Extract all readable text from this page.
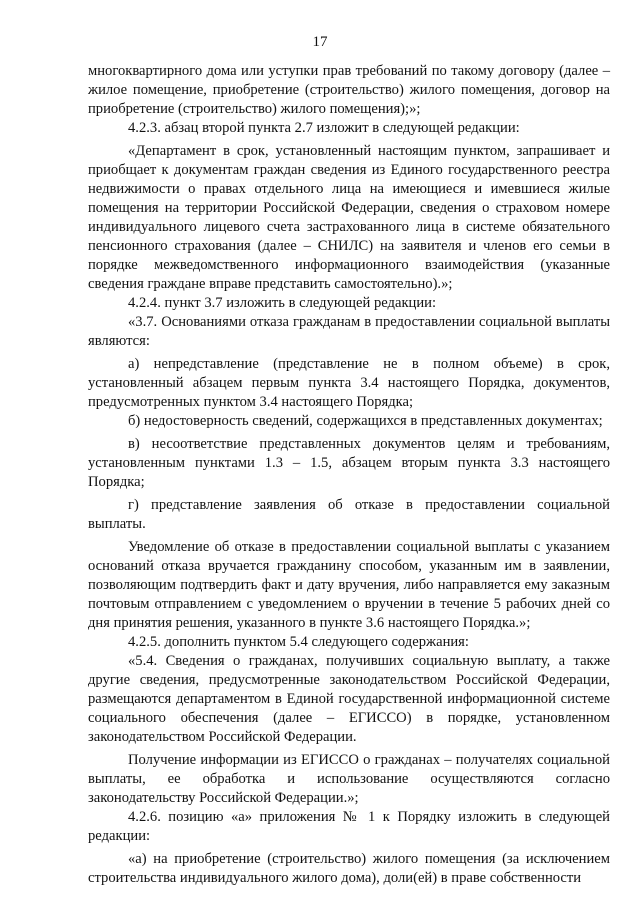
17

многоквартирного дома или уступки прав требований по такому договору (далее – жилое помещение, приобретение (строительство) жилого помещения, договор на приобретение (строительство) жилого помещения);»;

4.2.3. абзац второй пункта 2.7 изложит в следующей редакции:

«Департамент в срок, установленный настоящим пунктом, запрашивает и приобщает к документам граждан сведения из Единого государственного реестра недвижимости о правах отдельного лица на имеющиеся и имевшиеся жилые помещения на территории Российской Федерации, сведения о страховом номере индивидуального лицевого счета застрахованного лица в системе обязательного пенсионного страхования (далее – СНИЛС) на заявителя и членов его семьи в порядке межведомственного информационного взаимодействия (указанные сведения граждане вправе представить самостоятельно).»;

4.2.4. пункт 3.7 изложить в следующей редакции:

«3.7. Основаниями отказа гражданам в предоставлении социальной выплаты являются:

а) непредставление (представление не в полном объеме) в срок, установленный абзацем первым пункта 3.4 настоящего Порядка, документов, предусмотренных пунктом 3.4 настоящего Порядка;

б) недостоверность сведений, содержащихся в представленных документах;

в) несоответствие представленных документов целям и требованиям, установленным пунктами 1.3 – 1.5, абзацем вторым пункта 3.3 настоящего Порядка;

г) представление заявления об отказе в предоставлении социальной выплаты.

Уведомление об отказе в предоставлении социальной выплаты с указанием оснований отказа вручается гражданину способом, указанным им в заявлении, позволяющим подтвердить факт и дату вручения, либо направляется ему заказным почтовым отправлением с уведомлением о вручении в течение 5 рабочих дней со дня принятия решения, указанного в пункте 3.6 настоящего Порядка.»;

4.2.5. дополнить пунктом 5.4 следующего содержания:

«5.4. Сведения о гражданах, получивших социальную выплату, а также другие сведения, предусмотренные законодательством Российской Федерации, размещаются департаментом в Единой государственной информационной системе социального обеспечения (далее – ЕГИССО) в порядке, установленном законодательством Российской Федерации.

Получение информации из ЕГИССО о гражданах – получателях социальной выплаты, ее обработка и использование осуществляются согласно законодательству Российской Федерации.»;

4.2.6. позицию «а» приложения № 1 к Порядку изложить в следующей редакции:

«а) на приобретение (строительство) жилого помещения (за исключением строительства индивидуального жилого дома), доли(ей) в праве собственности
